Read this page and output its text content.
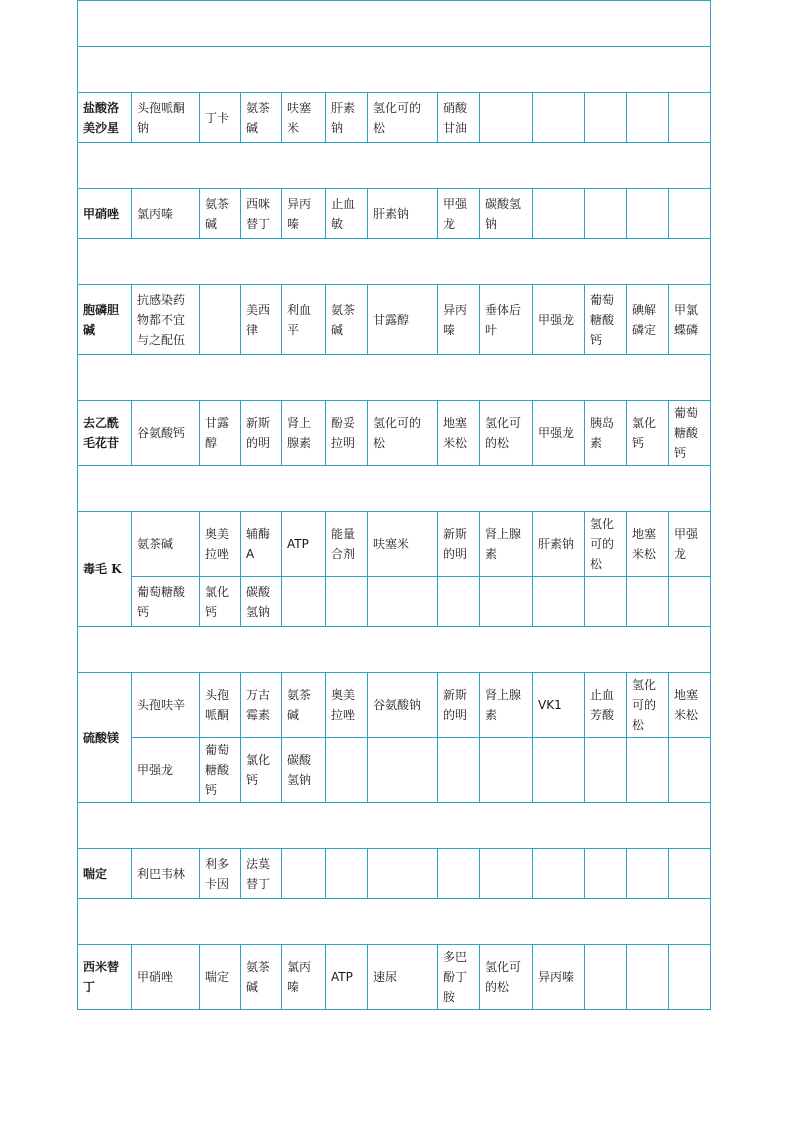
盐酸洛美沙星	头孢哌酮钠	丁卡	氨茶碱	呋塞米	肝素钠	氢化可的松	硝酸甘油					

甲硝唑	氯丙嗪	氨茶碱	西咪替丁	异丙嗪	止血敏	肝素钠	甲强龙	碳酸氢钠				

胞磷胆碱	抗感染药物都不宜与之配伍		美西律	利血平	氨茶碱	甘露醇	异丙嗪	垂体后叶	甲强龙	葡萄糖酸钙	碘解磷定	甲氯蝶磷

去乙酰毛花苷	谷氨酸钙	甘露醇	新斯的明	肾上腺素	酚妥拉明	氢化可的松	地塞米松	氢化可的松	甲强龙	胰岛素	氯化钙	葡萄糖酸钙

毒毛 K	氨茶碱	奥美拉唑	辅酶A	ATP	能量合剂	呋塞米	新斯的明	肾上腺素	肝素钠	氢化可的松	地塞米松	甲强龙
	葡萄糖酸钙	氯化钙	碳酸氢钠									

硫酸镁	头孢呋辛	头孢哌酮	万古霉素	氨茶碱	奥美拉唑	谷氨酸钠	新斯的明	肾上腺素	VK1	止血芳酸	氢化可的松	地塞米松
	甲强龙	葡萄糖酸钙	氯化钙	碳酸氢钠								

喘定	利巴韦林	利多卡因	法莫替丁									

西米替丁	甲硝唑	喘定	氨茶碱	氯丙嗪	ATP	速尿	多巴酚丁胺	氢化可的松	异丙嗪			
